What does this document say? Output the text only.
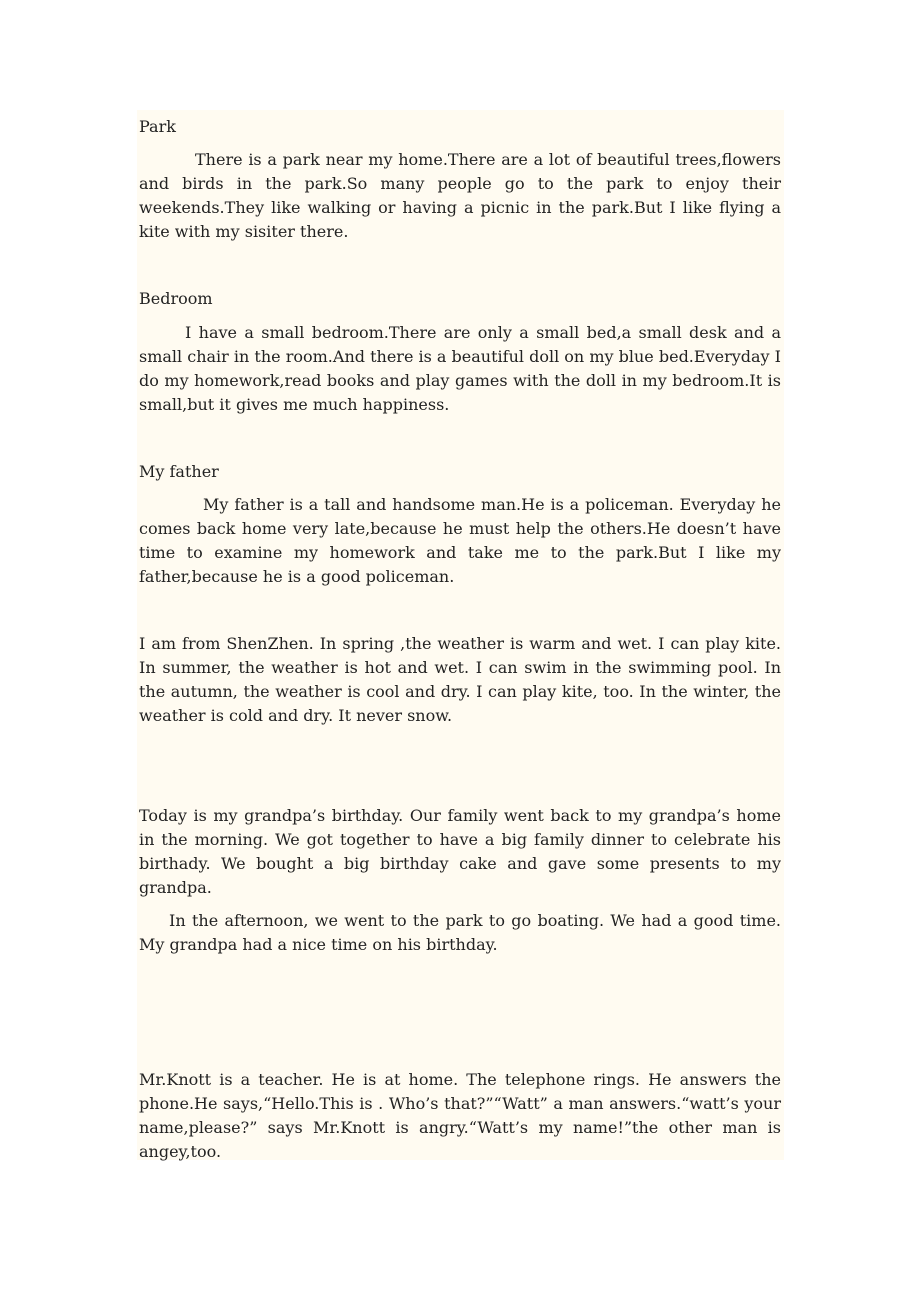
Park

There is a park near my home.There are a lot of beautiful trees,flowers and birds in the park.So many people go to the park to enjoy their weekends.They like walking or having a picnic in the park.But I like flying a kite with my sisiter there.

Bedroom

I have a small bedroom.There are only a small bed,a small desk and a small chair in the room.And there is a beautiful doll on my blue bed.Everyday I do my homework,read books and play games with the doll in my bedroom.It is small,but it gives me much happiness.

My father

My father is a tall and handsome man.He is a policeman. Everyday he comes back home very late,because he must help the others.He doesn’t have time to examine my homework and take me to the park.But I like my father,because he is a good policeman.

I am from ShenZhen. In spring ,the weather is warm and wet. I can play kite. In summer, the weather is hot and wet. I can swim in the swimming pool. In the autumn, the weather is cool and dry. I can play kite, too. In the winter, the weather is cold and dry. It never snow.

Today is my grandpa’s birthday. Our family went back to my grandpa’s home in the morning. We got together to have a big family dinner to celebrate his birthady. We bought a big birthday cake and gave some presents to my grandpa.

In the afternoon, we went to the park to go boating. We had a good time. My grandpa had a nice time on his birthday.

Mr.Knott is a teacher. He is at home. The telephone rings. He answers the phone.He says,“Hello.This is . Who’s that?”“Watt” a man answers.“watt’s your name,please?” says Mr.Knott is angry.“Watt’s my name!”the other man is angey,too.
